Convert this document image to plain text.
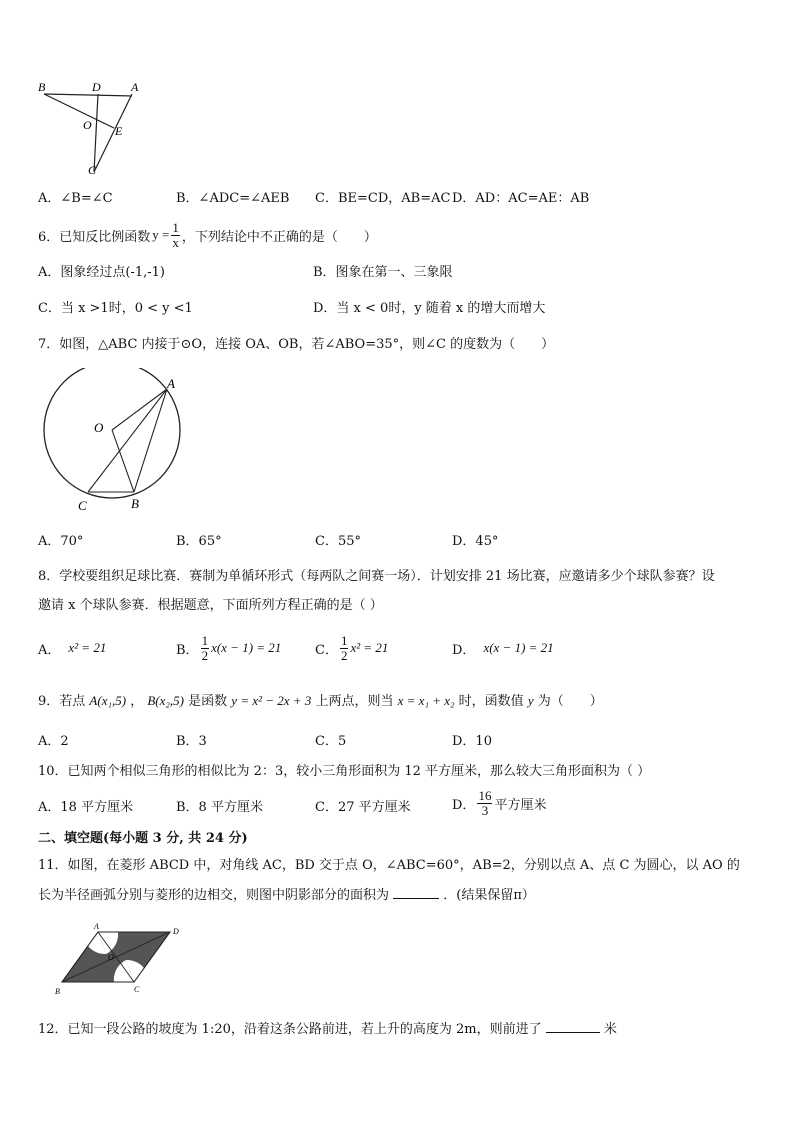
B	D	A
O E
C
A．∠B=∠C	B．∠ADC=∠AEB C．BE=CD，AB=AC D．AD：AC=AE：AB
6．已知反比例函数 $y = \frac{1}{x}$ ，下列结论中不正确的是（　　）
A．图象经过点(-1,-1)	B．图象在第一、三象限
C．当 x >1时，0 < y <1	D．当 x < 0时，y 随着 x 的增大而增大
7．如图，△ABC 内接于⊙O，连接 OA、OB，若∠ABO=35°，则∠C 的度数为（　　）
A
O
C	B
A．70°	B．65°	C．55°	D．45°
8．学校要组织足球比赛．赛制为单循环形式（每两队之间赛一场）．计划安排 21 场比赛，应邀请多少个球队参赛？设
邀请 x 个球队参赛．根据题意，下面所列方程正确的是（ ）
A． x² = 21	B． $\frac{1}{2} x(x - 1) = 21$	C． $\frac{1}{2} x^2 = 21$	D． x(x − 1) = 21
9．若点 A(x₁,5) ， B(x₂,5) 是函数 y = x² − 2x + 3 上两点，则当 x = x₁ + x₂ 时，函数值 y 为（　　）
A．2	B．3	C．5	D．10
10．已知两个相似三角形的相似比为 2：3，较小三角形面积为 12 平方厘米，那么较大三角形面积为（ ）
A．18 平方厘米	B．8 平方厘米	C．27 平方厘米	D． $\frac{16}{3}$ 平方厘米
二、填空题(每小题 3 分, 共 24 分)
11．如图，在菱形 ABCD 中，对角线 AC，BD 交于点 O，∠ABC=60°，AB=2，分别以点 A、点 C 为圆心，以 AO 的
长为半径画弧分别与菱形的边相交，则图中阴影部分的面积为	．(结果保留π）
A
D
O
B	C
12．已知一段公路的坡度为 1:20，沿着这条公路前进，若上升的高度为 2m，则前进了	米
